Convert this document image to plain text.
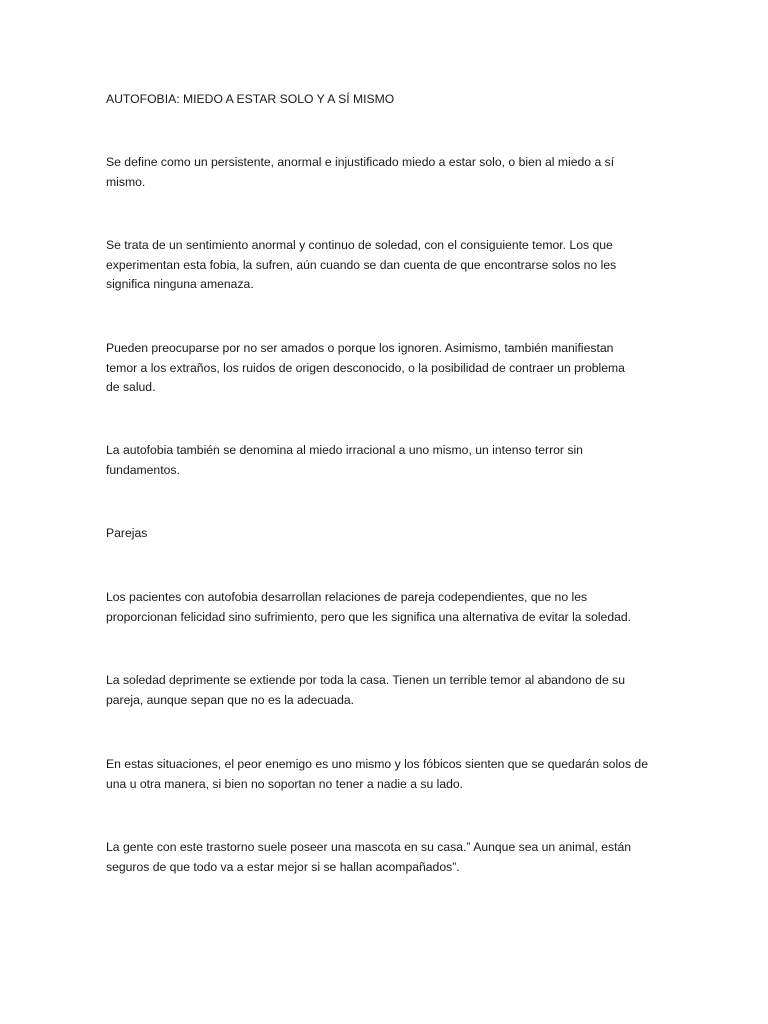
AUTOFOBIA: MIEDO A ESTAR SOLO Y A SÍ MISMO

Se define como un persistente, anormal e injustificado miedo a estar solo, o bien al miedo a sí
mismo.

Se trata de un sentimiento anormal y continuo de soledad, con el consiguiente temor. Los que
experimentan esta fobia, la sufren, aún cuando se dan cuenta de que encontrarse solos no les
significa ninguna amenaza.

Pueden preocuparse por no ser amados o porque los ignoren. Asimismo, también manifiestan
temor a los extraños, los ruidos de origen desconocido, o la posibilidad de contraer un problema
de salud.

La autofobia también se denomina al miedo irracional a uno mismo, un intenso terror sin
fundamentos.

Parejas

Los pacientes con autofobia desarrollan relaciones de pareja codependientes, que no les
proporcionan felicidad sino sufrimiento, pero que les significa una alternativa de evitar la soledad.

La soledad deprimente se extiende por toda la casa. Tienen un terrible temor al abandono de su
pareja, aunque sepan que no es la adecuada.

En estas situaciones, el peor enemigo es uno mismo y los fóbicos sienten que se quedarán solos de
una u otra manera, si bien no soportan no tener a nadie a su lado.

La gente con este trastorno suele poseer una mascota en su casa.” Aunque sea un animal, están
seguros de que todo va a estar mejor si se hallan acompañados”.
